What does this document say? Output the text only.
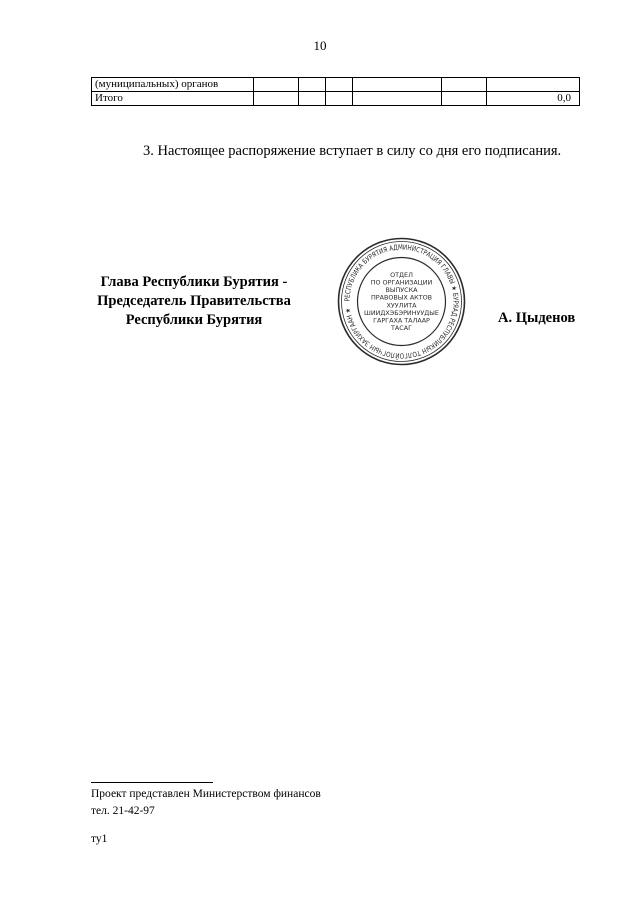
10
(муниципальных) органов						
Итого						0,0
3. Настоящее распоряжение вступает в силу со дня его подписания.
Глава Республики Бурятия -
Председатель Правительства
Республики Бурятия	А. Цыденов
РЕСПУБЛИКА БУРЯТИЯ АДМИНИСТРАЦИЯ ГЛАВЫ ★ БУРЯАД РЕСПУБЛИКЫН ТОЛГОЙЛОГЧЫН ЗАХИРГААН ★
ОТДЕЛ
ПО ОРГАНИЗАЦИИ
ВЫПУСКА
ПРАВОВЫХ АКТОВ
ХУУЛИТА
ШИИДХЭБЭРИНУУДЫЕ
ГАРГАХА ТАЛААР
ТАСАГ
Проект представлен Министерством финансов
тел. 21-42-97
ту1
